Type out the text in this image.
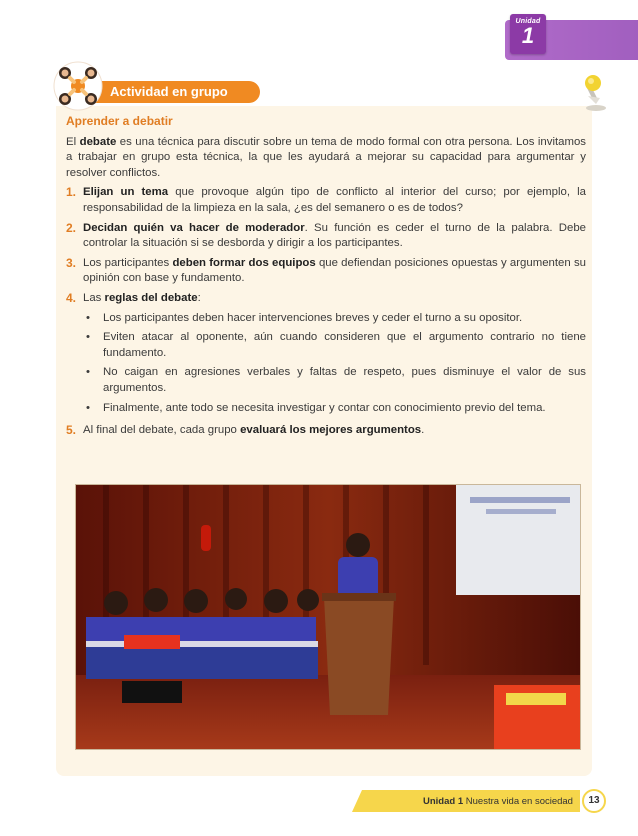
Unidad
1
Actividad en grupo
Aprender a debatir

El debate es una técnica para discutir sobre un tema de modo formal con otra persona. Los invitamos a trabajar en grupo esta técnica, la que les ayudará a mejorar su capacidad para argumentar y resolver conflictos.

1. Elijan un tema que provoque algún tipo de conflicto al interior del curso; por ejemplo, la responsabilidad de la limpieza en la sala, ¿es del semanero o es de todos?
2. Decidan quién va hacer de moderador. Su función es ceder el turno de la palabra. Debe controlar la situación si se desborda y dirigir a los participantes.
3. Los participantes deben formar dos equipos que defiendan posiciones opuestas y argumenten su opinión con base y fundamento.
4. Las reglas del debate:
•	Los participantes deben hacer intervenciones breves y ceder el turno a su opositor.
•	Eviten atacar al oponente, aún cuando consideren que el argumento contrario no tiene fundamento.
•	No caigan en agresiones verbales y faltas de respeto, pues disminuye el valor de sus argumentos.
•	Finalmente, ante todo se necesita investigar y contar con conocimiento previo del tema.
5. Al final del debate, cada grupo evaluará los mejores argumentos.
Unidad 1 Nuestra vida en sociedad	13
